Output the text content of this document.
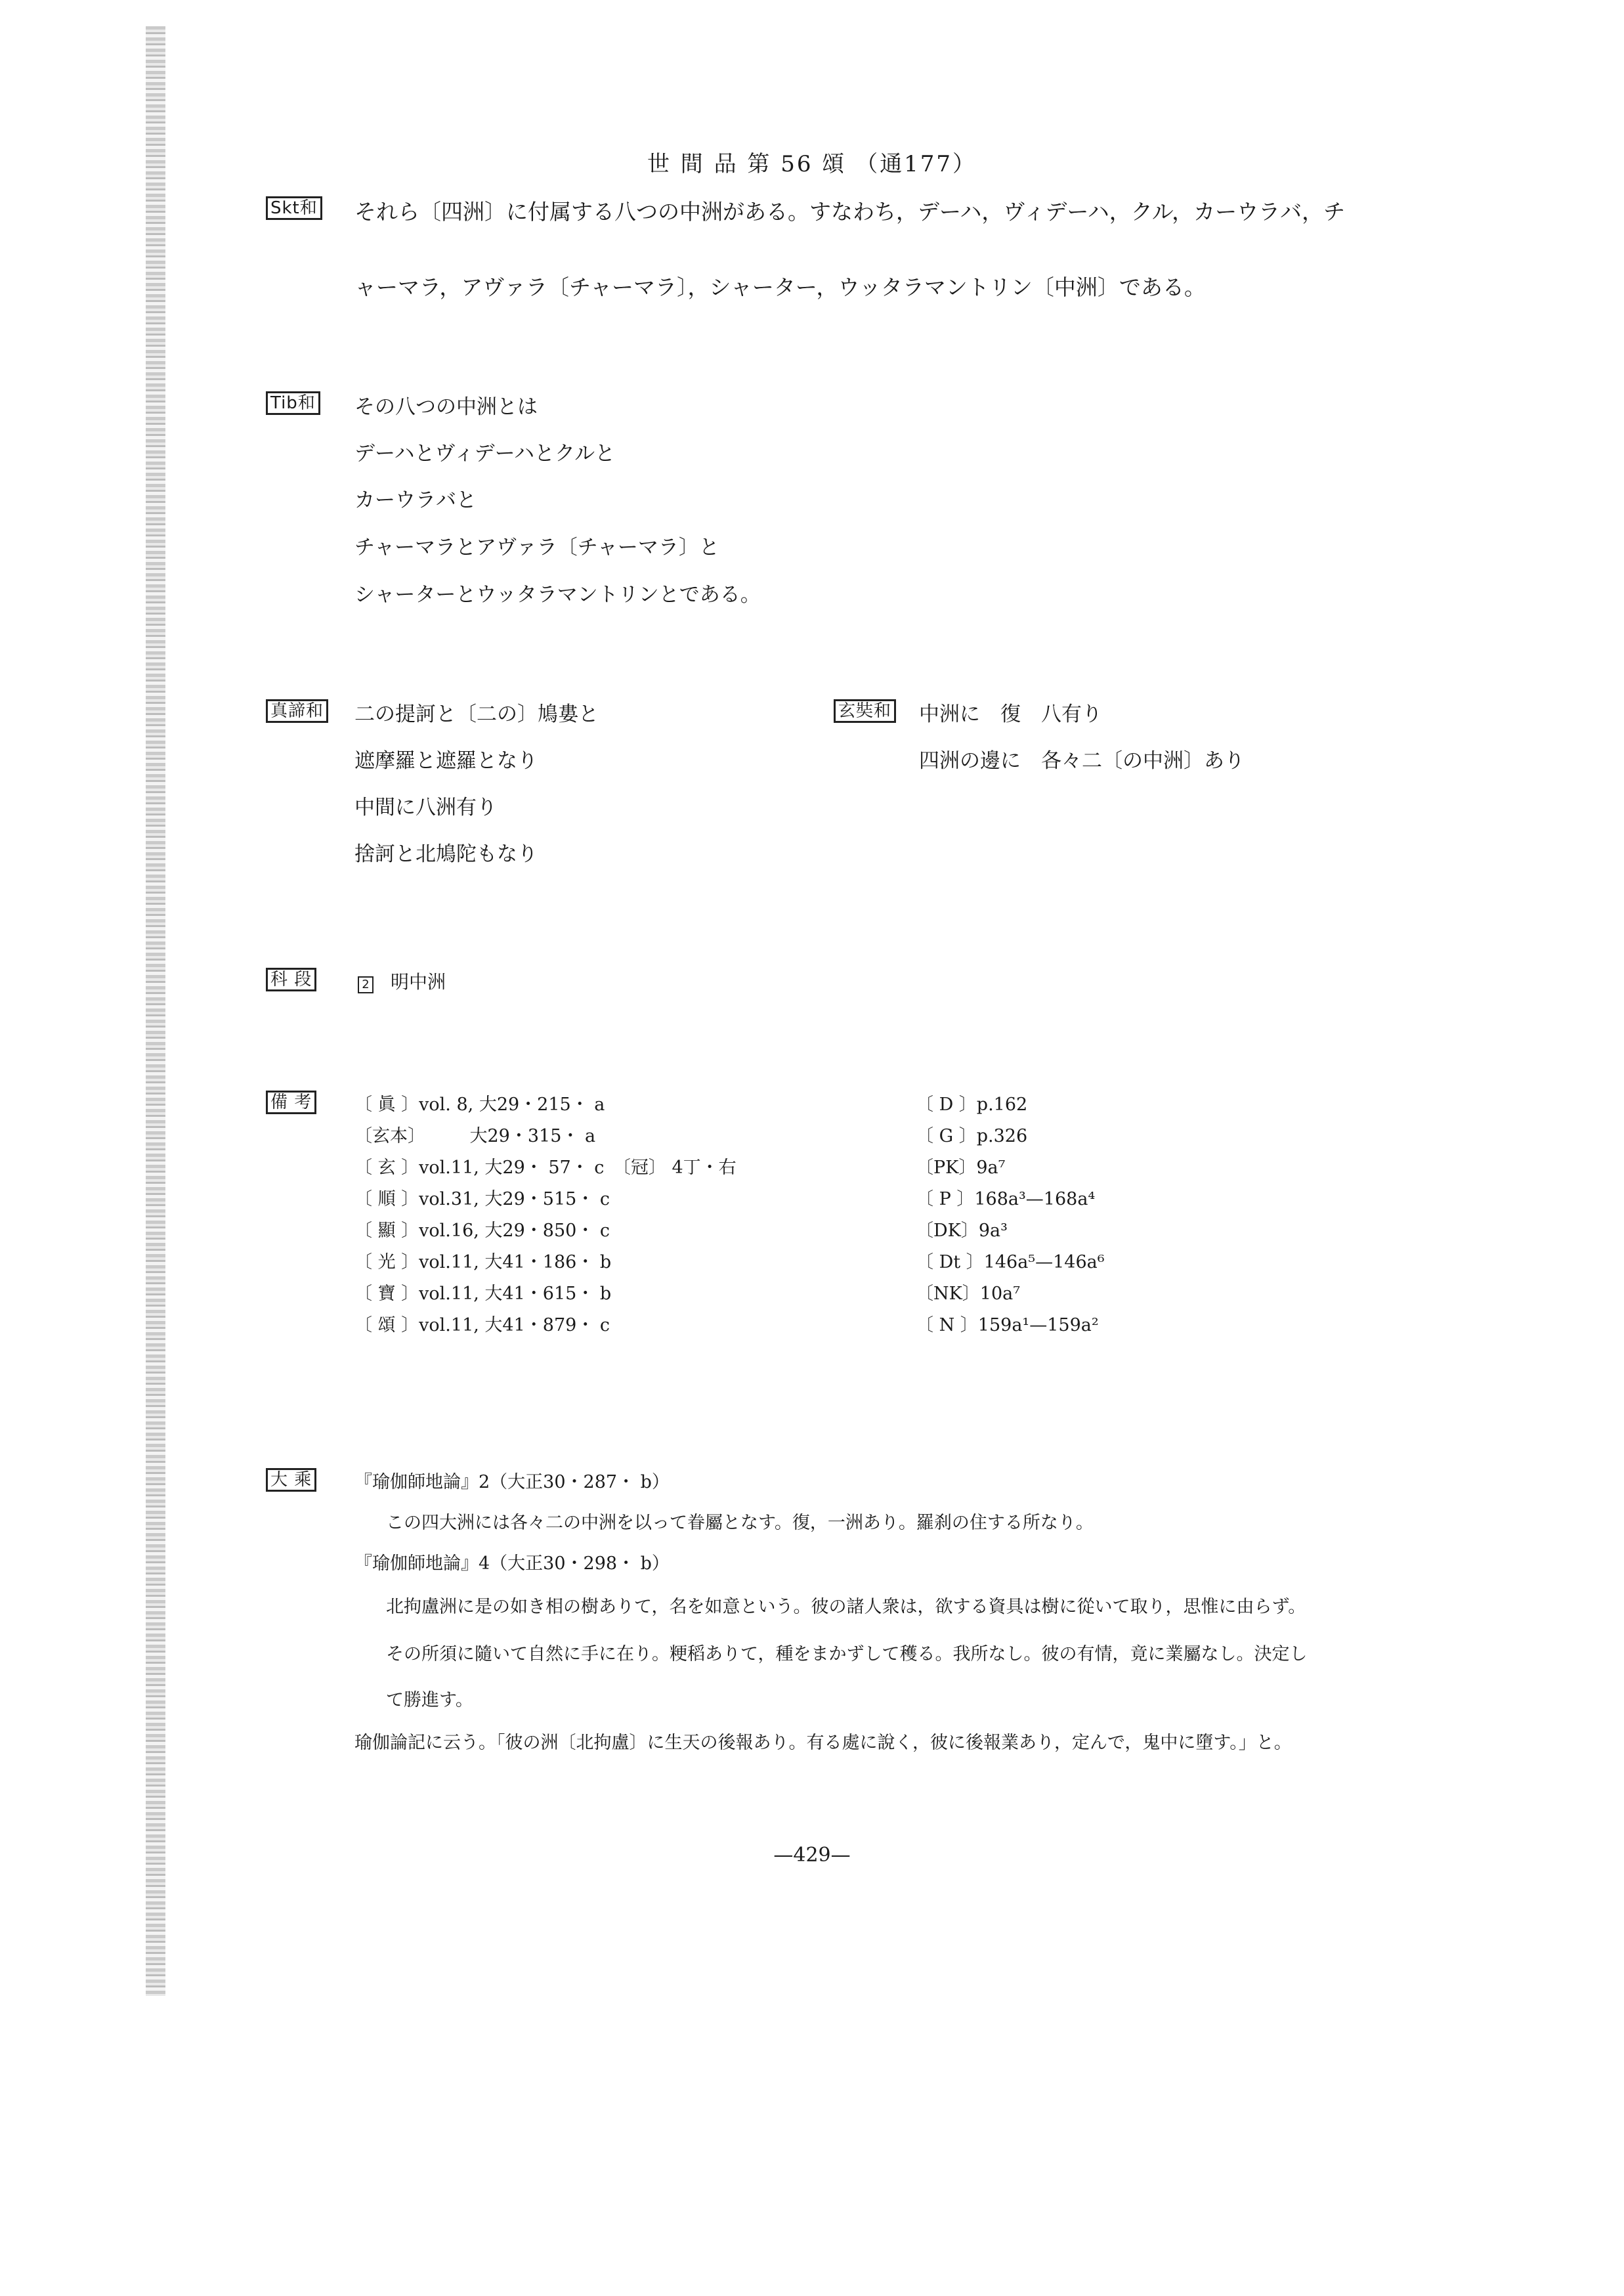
世 間 品 第 56 頌 （通177）
Skt和 それら〔四洲〕に付属する八つの中洲がある。すなわち，デーハ，ヴィデーハ，クル，カーウラバ，チ
ャーマラ，アヴァラ〔チャーマラ〕，シャーター，ウッタラマントリン〔中洲〕である。
Tib和 その八つの中洲とは
デーハとヴィデーハとクルと
カーウラバと
チャーマラとアヴァラ〔チャーマラ〕と
シャーターとウッタラマントリンとである。
真諦和 二の提訶と〔二の〕鳩婁と
遮摩羅と遮羅となり
中間に八洲有り
捨訶と北鳩陀もなり
玄奘和 中洲に　復　八有り
四洲の邊に　各々二〔の中洲〕あり
科 段	2 明中洲
備 考 〔 眞 〕vol. 8, 大29・215・ a
〔玄本〕　　　大29・315・ a
〔 玄 〕vol.11, 大29・ 57・ c　〔冠〕 4丁・右
〔 順 〕vol.31, 大29・515・ c
〔 顯 〕vol.16, 大29・850・ c
〔 光 〕vol.11, 大41・186・ b
〔 寶 〕vol.11, 大41・615・ b
〔 頌 〕vol.11, 大41・879・ c
〔 D 〕p.162
〔 G 〕p.326
〔PK〕9a⁷
〔 P 〕168a³—168a⁴
〔DK〕9a³
〔 Dt 〕146a⁵—146a⁶
〔NK〕10a⁷
〔 N 〕159a¹—159a²
大 乘 『瑜伽師地論』2（大正30・287・ b）
この四大洲には各々二の中洲を以って眷屬となす。復，一洲あり。羅刹の住する所なり。
『瑜伽師地論』4（大正30・298・ b）
北拘盧洲に是の如き相の樹ありて，名を如意という。彼の諸人衆は，欲する資具は樹に從いて取り，思惟に由らず。
その所須に隨いて自然に手に在り。粳稻ありて，種をまかずして穫る。我所なし。彼の有情，竟に業屬なし。決定し
て勝進す。
瑜伽論記に云う。「彼の洲〔北拘盧〕に生天の後報あり。有る處に說く，彼に後報業あり，定んで，鬼中に墮す。」と。
—429—
